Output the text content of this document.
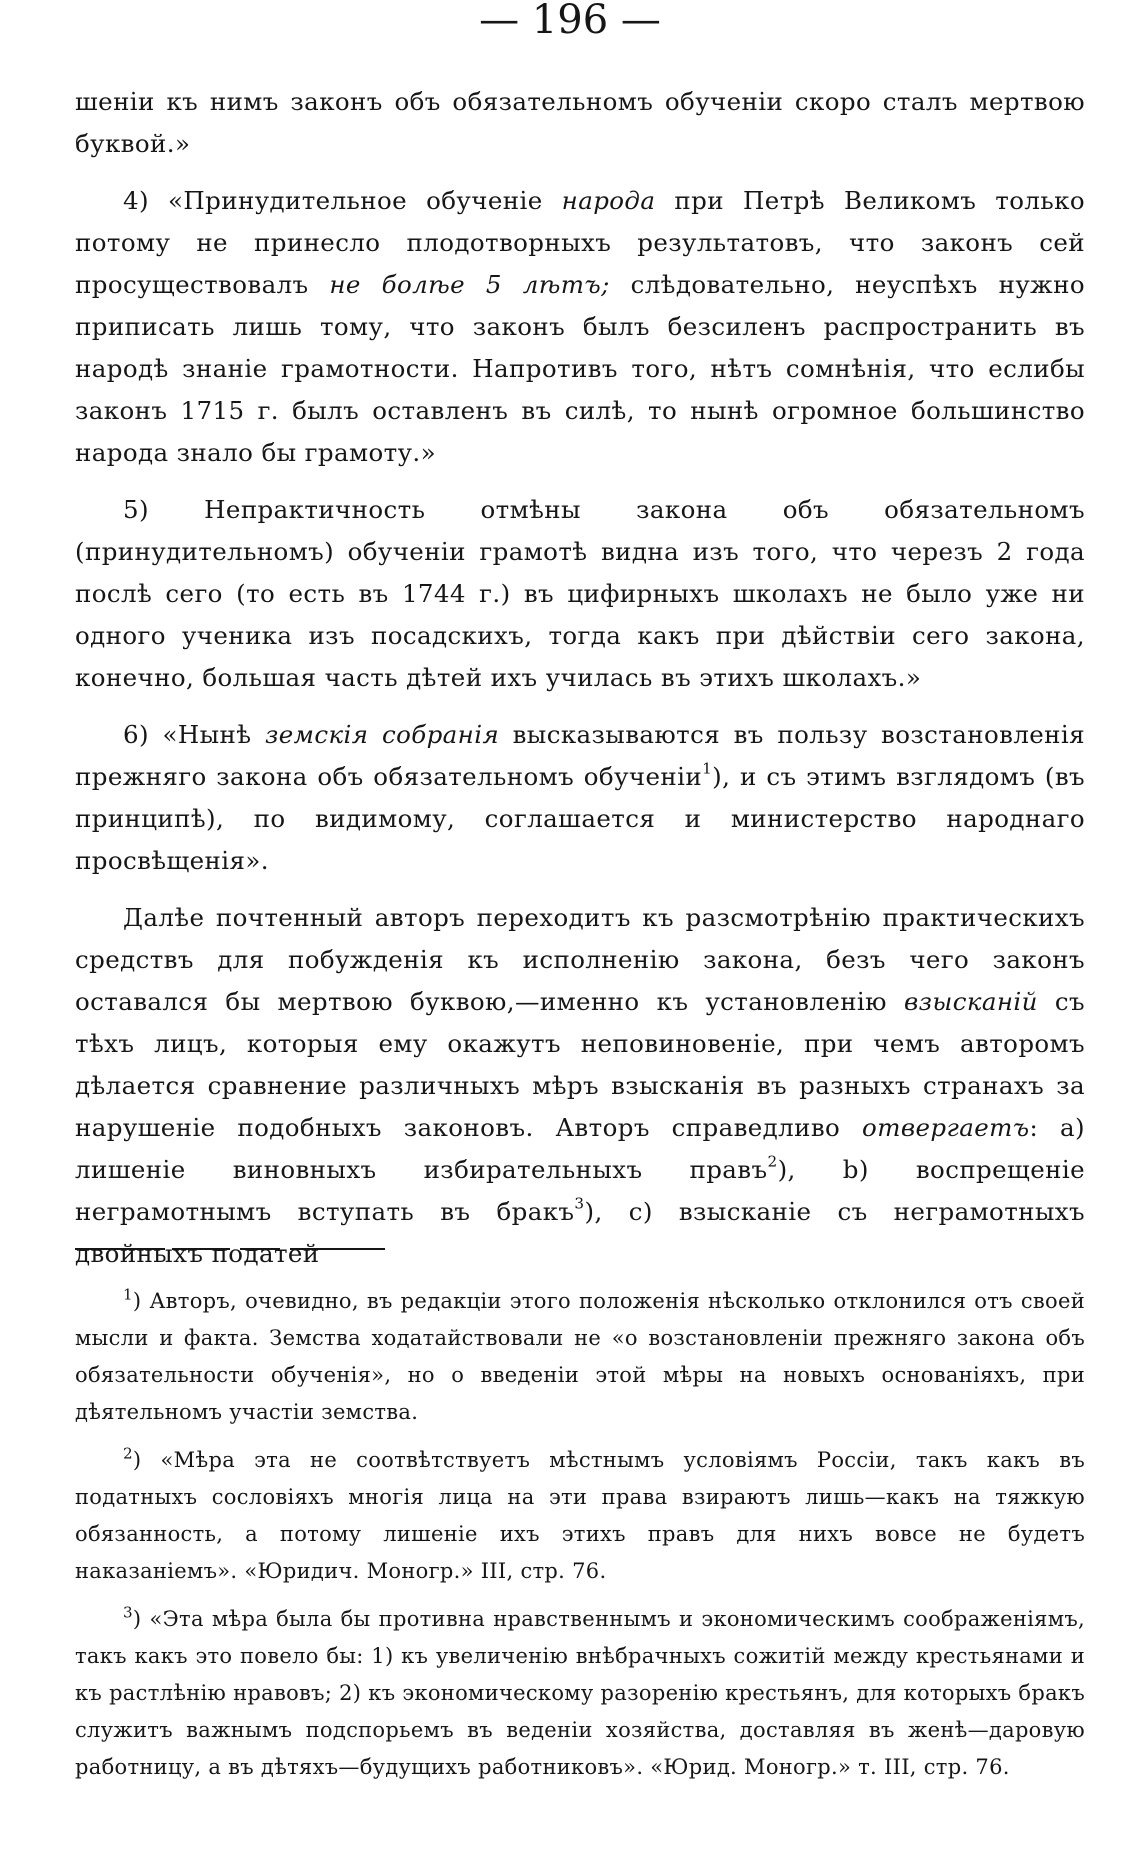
— 196 —

шенiи къ нимъ законъ объ обязательномъ обученiи скоро сталъ мертвою буквой.»

4) «Принудительное обученiе народа при Петрѣ Великомъ только потому не принесло плодотворныхъ результатовъ, что законъ сей просуществовалъ не болѣе 5 лѣтъ; слѣдовательно, неуспѣхъ нужно приписать лишь тому, что законъ былъ безсиленъ распространить въ народѣ знанiе грамотности. Напротивъ того, нѣтъ сомнѣнiя, что еслибы законъ 1715 г. былъ оставленъ въ силѣ, то нынѣ огромное большинство народа знало бы грамоту.»

5) Непрактичность отмѣны закона объ обязательномъ (принудительномъ) обученiи грамотѣ видна изъ того, что черезъ 2 года послѣ сего (то есть въ 1744 г.) въ цифирныхъ школахъ не было уже ни одного ученика изъ посадскихъ, тогда какъ при дѣйствiи сего закона, конечно, большая часть дѣтей ихъ училась въ этихъ школахъ.»

6) «Нынѣ земскiя собранiя высказываются въ пользу возстановленiя прежняго закона объ обязательномъ обученiи$^1$), и съ этимъ взглядомъ (въ принципѣ), по видимому, соглашается и министерство народнаго просвѣщенiя».

Далѣе почтенный авторъ переходитъ къ разсмотрѣнiю практическихъ средствъ для побужденiя къ исполненiю закона, безъ чего законъ оставался бы мертвою буквою,—именно къ установленiю взысканiй съ тѣхъ лицъ, которыя ему окажутъ неповиновенiе, при чемъ авторомъ дѣлается сравнение различныхъ мѣръ взысканiя въ разныхъ странахъ за нарушенiе подобныхъ законовъ. Авторъ справедливо отвергаетъ: a) лишенiе виновныхъ избирательныхъ правъ$^2$), b) воспрещенiе неграмотнымъ вступать въ бракъ$^3$), c) взысканiе съ неграмотныхъ двойныхъ податей

$^1$) Авторъ, очевидно, въ редакцiи этого положенiя нѣсколько отклонился отъ своей мысли и факта. Земства ходатайствовали не «о возстановленiи прежняго закона объ обязательности обученiя», но о введенiи этой мѣры на новыхъ основанiяхъ, при дѣятельномъ участiи земства.

$^2$) «Мѣра эта не соотвѣтствуетъ мѣстнымъ условiямъ Россiи, такъ какъ въ податныхъ сословiяхъ многiя лица на эти права взираютъ лишь—какъ на тяжкую обязанность, а потому лишенiе ихъ этихъ правъ для нихъ вовсе не будетъ наказанiемъ». «Юридич. Моногр.» III, стр. 76.

$^3$) «Эта мѣра была бы противна нравственнымъ и экономическимъ соображенiямъ, такъ какъ это повело бы: 1) къ увеличенiю внѣбрачныхъ сожитiй между крестьянами и къ растлѣнiю нравовъ; 2) къ экономическому разоренiю крестьянъ, для которыхъ бракъ служитъ важнымъ подспорьемъ въ веденiи хозяйства, доставляя въ женѣ—даровую работницу, а въ дѣтяхъ—будущихъ работниковъ». «Юрид. Моногр.» т. III, стр. 76.
